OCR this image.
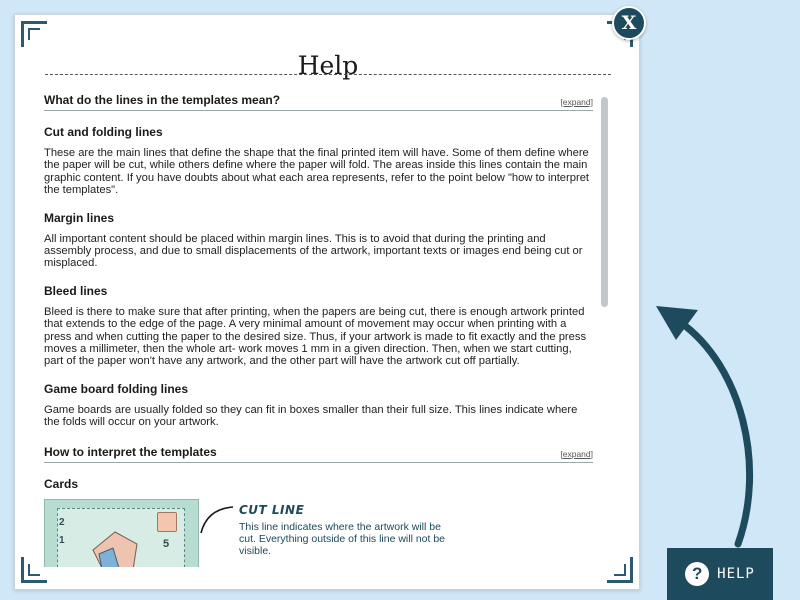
Help
What do the lines in the templates mean?	[expand]
Cut and folding lines

These are the main lines that define the shape that the final printed item will have. Some of them define where the paper will be cut, while others define where the paper will fold. The areas inside this lines contain the main graphic content. If you have doubts about what each area represents, refer to the point below "how to interpret the templates".

Margin lines

All important content should be placed within margin lines. This is to avoid that during the printing and assembly process, and due to small displacements of the artwork, important texts or images end being cut or misplaced.

Bleed lines

Bleed is there to make sure that after printing, when the papers are being cut, there is enough artwork printed that extends to the edge of the page. A very minimal amount of movement may occur when printing with a press and when cutting the paper to the desired size. Thus, if your artwork is made to fit exactly and the press moves a millimeter, then the whole art- work moves 1 mm in a given direction. Then, when we start cutting, part of the paper won't have any artwork, and the other part will have the artwork cut off partially.

Game board folding lines

Game boards are usually folded so they can fit in boxes smaller than their full size. This lines indicate where the folds will occur on your artwork.

How to interpret the templates	[expand]
Cards
2
1	5
CUT LINE
This line indicates where the artwork will be cut. Everything outside of this line will not be visible.
X
?	HELP
